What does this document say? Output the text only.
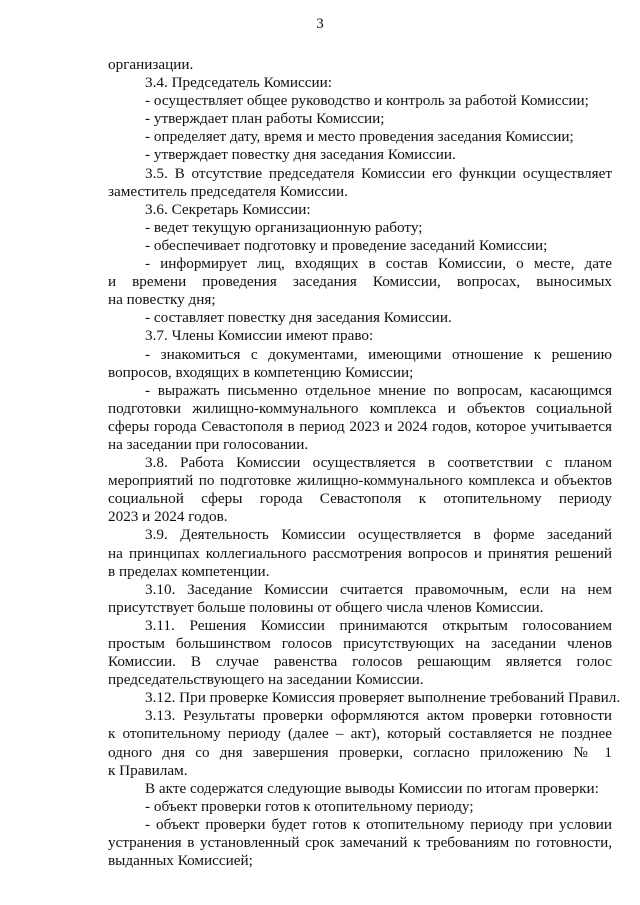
3
организации.
3.4. Председатель Комиссии:
- осуществляет общее руководство и контроль за работой Комиссии;
- утверждает план работы Комиссии;
- определяет дату, время и место проведения заседания Комиссии;
- утверждает повестку дня заседания Комиссии.
3.5. В отсутствие председателя Комиссии его функции осуществляет
заместитель председателя Комиссии.
3.6. Секретарь Комиссии:
- ведет текущую организационную работу;
- обеспечивает подготовку и проведение заседаний Комиссии;
- информирует лиц, входящих в состав Комиссии, о месте, дате
и времени проведения заседания Комиссии, вопросах, выносимых
на повестку дня;
- составляет повестку дня заседания Комиссии.
3.7. Члены Комиссии имеют право:
- знакомиться с документами, имеющими отношение к решению
вопросов, входящих в компетенцию Комиссии;
- выражать письменно отдельное мнение по вопросам, касающимся
подготовки жилищно-коммунального комплекса и объектов социальной
сферы города Севастополя в период 2023 и 2024 годов, которое учитывается
на заседании при голосовании.
3.8. Работа Комиссии осуществляется в соответствии с планом
мероприятий по подготовке жилищно-коммунального комплекса и объектов
социальной сферы города Севастополя к отопительному периоду
2023 и 2024 годов.
3.9. Деятельность Комиссии осуществляется в форме заседаний
на принципах коллегиального рассмотрения вопросов и принятия решений
в пределах компетенции.
3.10. Заседание Комиссии считается правомочным, если на нем
присутствует больше половины от общего числа членов Комиссии.
3.11. Решения Комиссии принимаются открытым голосованием
простым большинством голосов присутствующих на заседании членов
Комиссии. В случае равенства голосов решающим является голос
председательствующего на заседании Комиссии.
3.12. При проверке Комиссия проверяет выполнение требований Правил.
3.13. Результаты проверки оформляются актом проверки готовности
к отопительному периоду (далее – акт), который составляется не позднее
одного дня со дня завершения проверки, согласно приложению № 1
к Правилам.
В акте содержатся следующие выводы Комиссии по итогам проверки:
- объект проверки готов к отопительному периоду;
- объект проверки будет готов к отопительному периоду при условии
устранения в установленный срок замечаний к требованиям по готовности,
выданных Комиссией;
